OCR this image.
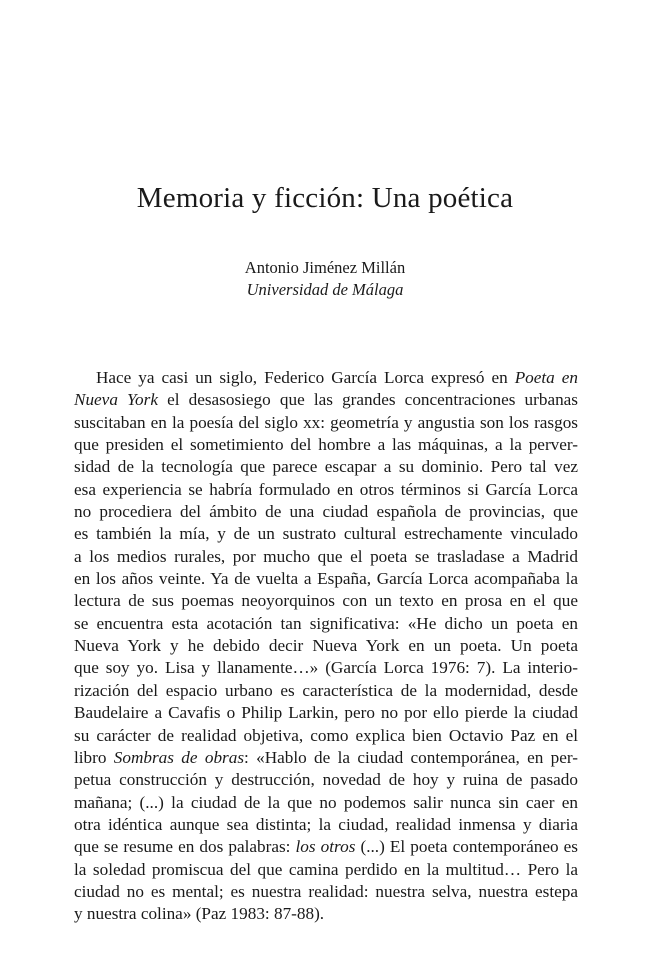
Memoria y ficción: Una poética
Antonio Jiménez Millán
Universidad de Málaga
Hace ya casi un siglo, Federico García Lorca expresó en Poeta en
Nueva York el desasosiego que las grandes concentraciones urbanas
suscitaban en la poesía del siglo xx: geometría y angustia son los rasgos
que presiden el sometimiento del hombre a las máquinas, a la perver-
sidad de la tecnología que parece escapar a su dominio. Pero tal vez
esa experiencia se habría formulado en otros términos si García Lorca
no procediera del ámbito de una ciudad española de provincias, que
es también la mía, y de un sustrato cultural estrechamente vinculado
a los medios rurales, por mucho que el poeta se trasladase a Madrid
en los años veinte. Ya de vuelta a España, García Lorca acompañaba la
lectura de sus poemas neoyorquinos con un texto en prosa en el que
se encuentra esta acotación tan significativa: «He dicho un poeta en
Nueva York y he debido decir Nueva York en un poeta. Un poeta
que soy yo. Lisa y llanamente…» (García Lorca 1976: 7). La interio-
rización del espacio urbano es característica de la modernidad, desde
Baudelaire a Cavafis o Philip Larkin, pero no por ello pierde la ciudad
su carácter de realidad objetiva, como explica bien Octavio Paz en el
libro Sombras de obras: «Hablo de la ciudad contemporánea, en per-
petua construcción y destrucción, novedad de hoy y ruina de pasado
mañana; (...) la ciudad de la que no podemos salir nunca sin caer en
otra idéntica aunque sea distinta; la ciudad, realidad inmensa y diaria
que se resume en dos palabras: los otros (...) El poeta contemporáneo es
la soledad promiscua del que camina perdido en la multitud… Pero la
ciudad no es mental; es nuestra realidad: nuestra selva, nuestra estepa
y nuestra colina» (Paz 1983: 87-88).
